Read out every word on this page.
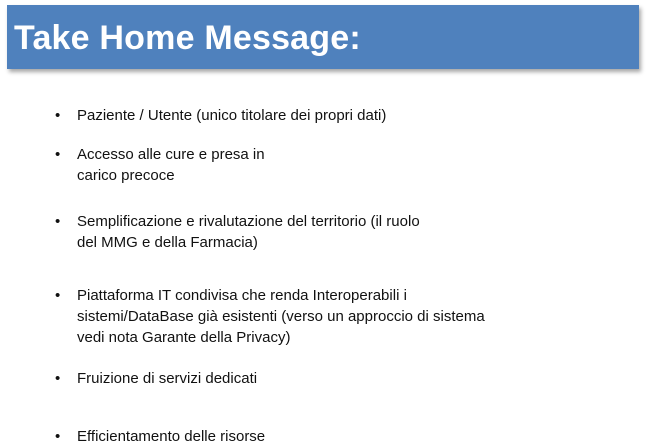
Take Home Message:
•	Paziente / Utente (unico titolare dei propri dati)
•	Accesso alle cure e presa in
carico precoce
•	Semplificazione e rivalutazione del territorio (il ruolo
del MMG e della Farmacia)
•	Piattaforma IT condivisa che renda Interoperabili i
sistemi/DataBase già esistenti (verso un approccio di sistema
vedi nota Garante della Privacy)
•	Fruizione di servizi dedicati
•	Efficientamento delle risorse
